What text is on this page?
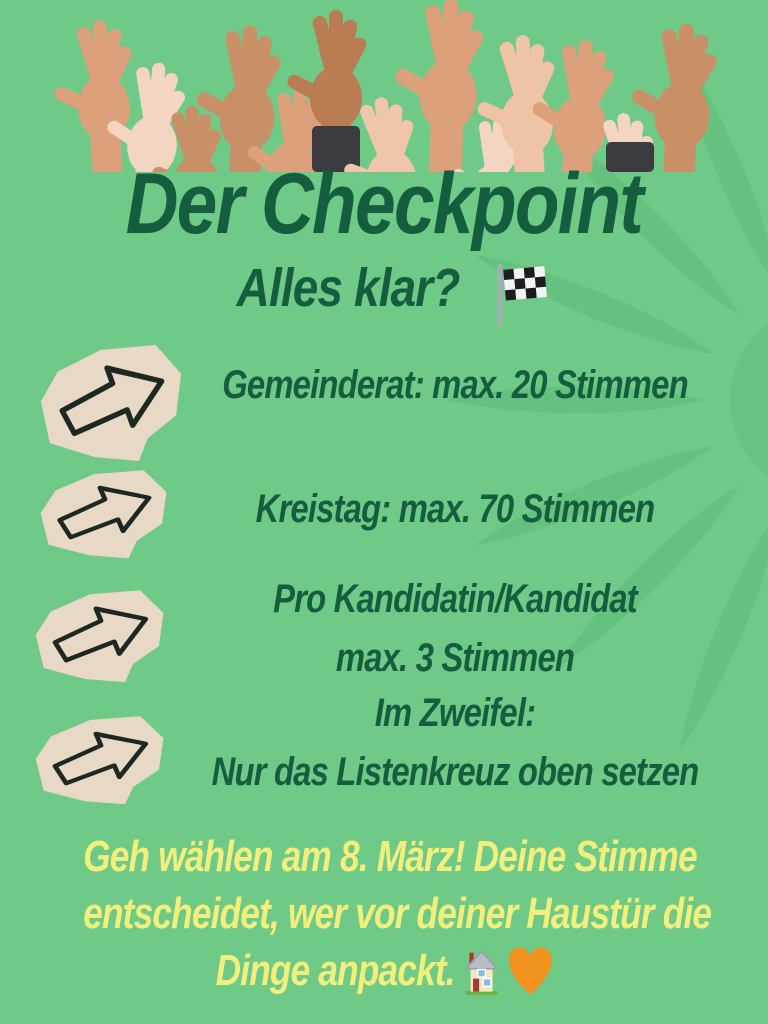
Der Checkpoint
Alles klar?
Gemeinderat: max. 20 Stimmen
Kreistag: max. 70 Stimmen
Pro Kandidatin/Kandidat
max. 3 Stimmen
Im Zweifel:
Nur das Listenkreuz oben setzen
Geh wählen am 8. März! Deine Stimme
entscheidet, wer vor deiner Haustür die
Dinge anpackt.
